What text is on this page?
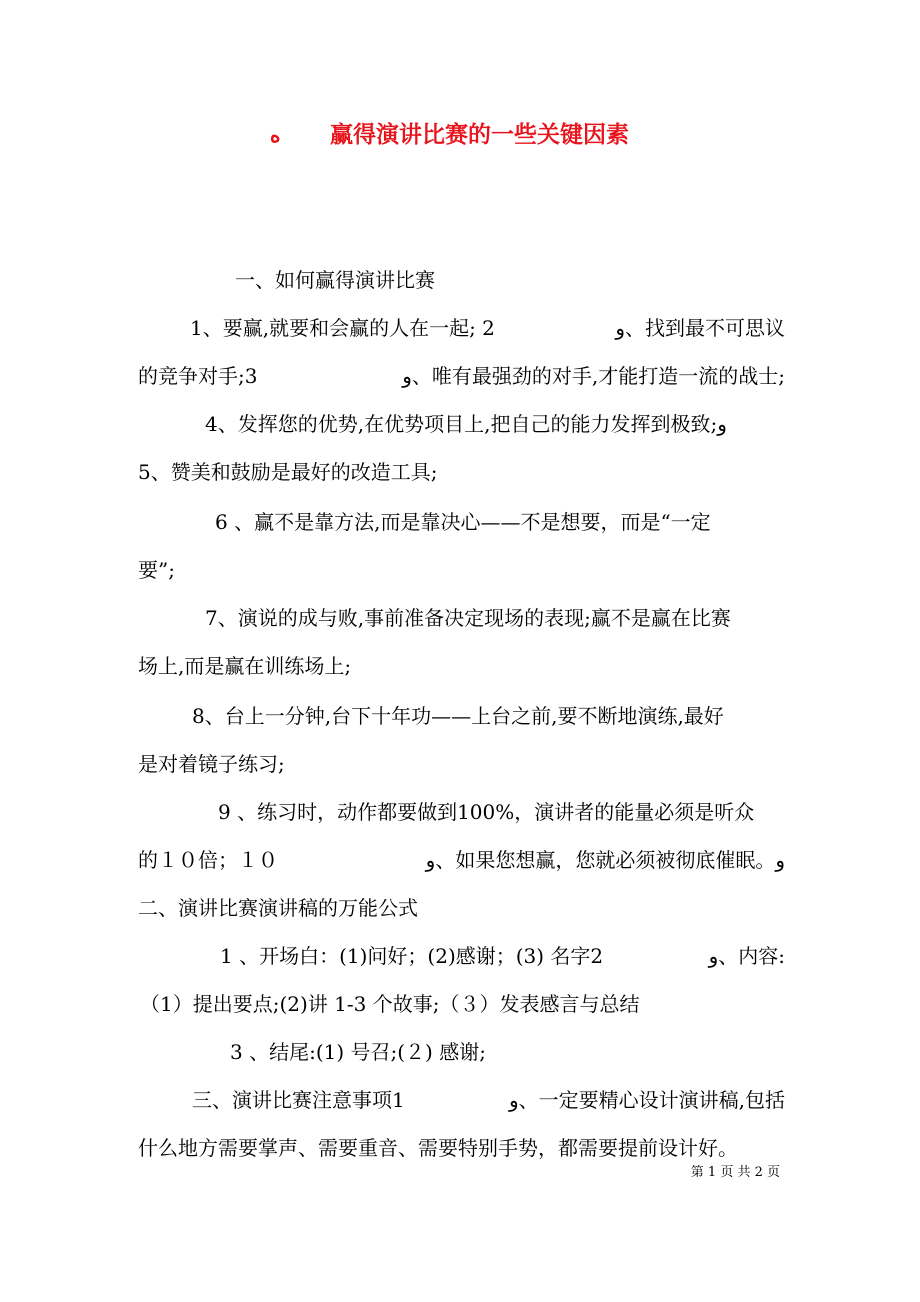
ه 赢得演讲比赛的一些关键因素
一、如何赢得演讲比赛
1、要赢,就要和会赢的人在一起; 2	و、找到最不可思议
的竞争对手;3	و、唯有最强劲的对手,才能打造一流的战士;
4、发挥您的优势,在优势项目上,把自己的能力发挥到极致;و
5、赞美和鼓励是最好的改造工具;
6 、赢不是靠方法,而是靠决心——不是想要，而是“一定
要”;
7、演说的成与败,事前准备决定现场的表现;赢不是赢在比赛
场上,而是赢在训练场上;
8、台上一分钟,台下十年功——上台之前,要不断地演练,最好
是对着镜子练习;
9 、练习时，动作都要做到100%，演讲者的能量必须是听众
的１０倍；１０	و、如果您想赢，您就必须被彻底催眠。و
二、演讲比赛演讲稿的万能公式
1 、开场白：(1)问好；(2)感谢；(3) 名字2	و、内容:
（1）提出要点;(2)讲 1-3 个故事;（３）发表感言与总结
3 、结尾:(1) 号召;(２) 感谢;
三、演讲比赛注意事项1	و、一定要精心设计演讲稿,包括
什么地方需要掌声、需要重音、需要特别手势，都需要提前设计好。
第 1 页 共 2 页
